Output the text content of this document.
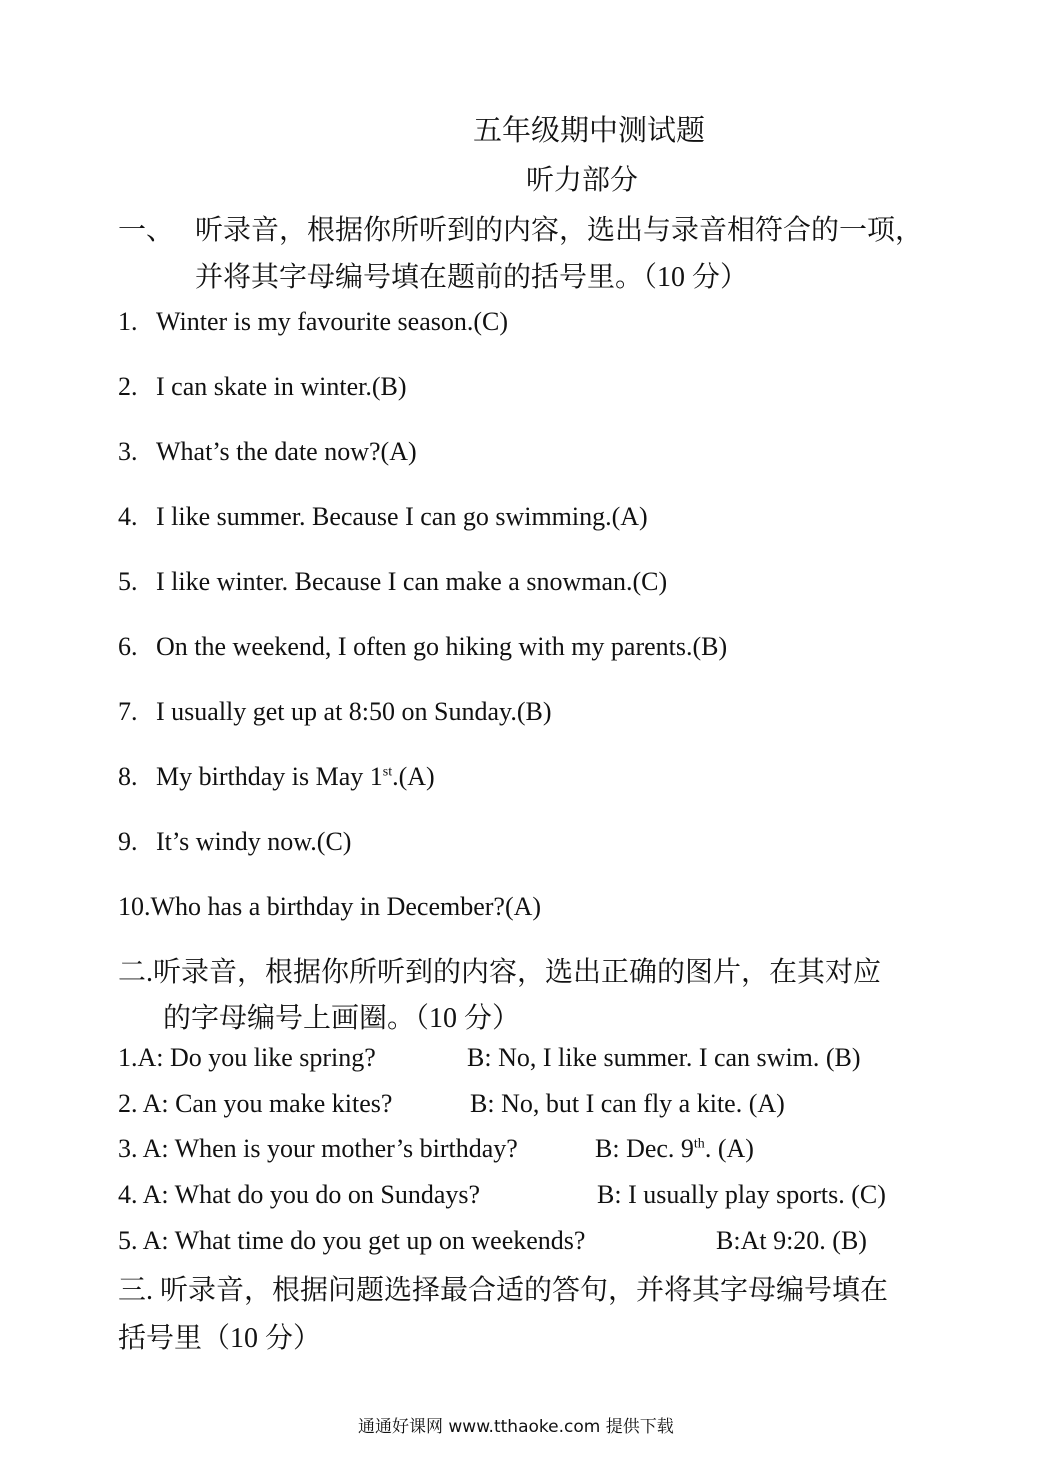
五年级期中测试题
听力部分
一、 听录音，根据你所听到的内容，选出与录音相符合的一项，
并将其字母编号填在题前的括号里。（10 分）
1. Winter is my favourite season.(C)
2. I can skate in winter.(B)
3. What’s the date now?(A)
4. I like summer. Because I can go swimming.(A)
5. I like winter. Because I can make a snowman.(C)
6. On the weekend, I often go hiking with my parents.(B)
7. I usually get up at 8:50 on Sunday.(B)
8. My birthday is May 1st.(A)
9. It’s windy now.(C)
10.Who has a birthday in December?(A)
二.听录音，根据你所听到的内容，选出正确的图片，在其对应
的字母编号上画圈。（10 分）
1.A: Do you like spring?	B: No, I like summer. I can swim. (B)
2. A: Can you make kites?	B: No, but I can fly a kite. (A)
3. A: When is your mother’s birthday?	B: Dec. 9th. (A)
4. A: What do you do on Sundays?	B: I usually play sports. (C)
5. A: What time do you get up on weekends?	B:At 9:20. (B)
三. 听录音，根据问题选择最合适的答句，并将其字母编号填在
括号里（10 分）
通通好课网 www.tthaoke.com 提供下载
